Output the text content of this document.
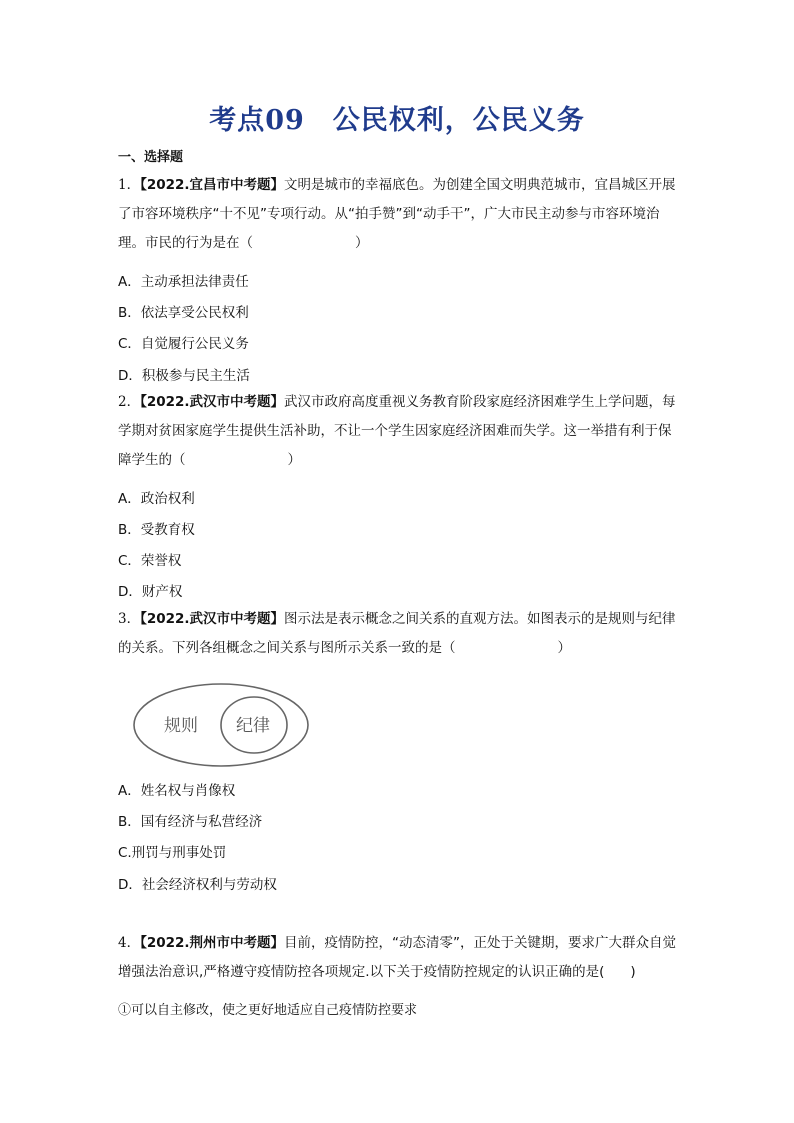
考点09　公民权利，公民义务
一、选择题
1．【2022.宜昌市中考题】文明是城市的幸福底色。为创建全国文明典范城市，宜昌城区开展了市容环境秩序“十不见”专项行动。从“拍手赞”到“动手干”，广大市民主动参与市容环境治理。市民的行为是在（	）
A．主动承担法律责任
B．依法享受公民权利
C．自觉履行公民义务
D．积极参与民主生活
2．【2022.武汉市中考题】武汉市政府高度重视义务教育阶段家庭经济困难学生上学问题，每学期对贫困家庭学生提供生活补助，不让一个学生因家庭经济困难而失学。这一举措有利于保障学生的（	）
A．政治权利
B．受教育权
C．荣誉权
D．财产权
3．【2022.武汉市中考题】图示法是表示概念之间关系的直观方法。如图表示的是规则与纪律的关系。下列各组概念之间关系与图所示关系一致的是（	）
规则 纪律
A．姓名权与肖像权
B．国有经济与私营经济
C.刑罚与刑事处罚
D．社会经济权利与劳动权
4．【2022.荆州市中考题】目前，疫情防控，“动态清零”，正处于关键期，要求广大群众自觉增强法治意识,严格遵守疫情防控各项规定.以下关于疫情防控规定的认识正确的是( )
①可以自主修改，使之更好地适应自己疫情防控要求
